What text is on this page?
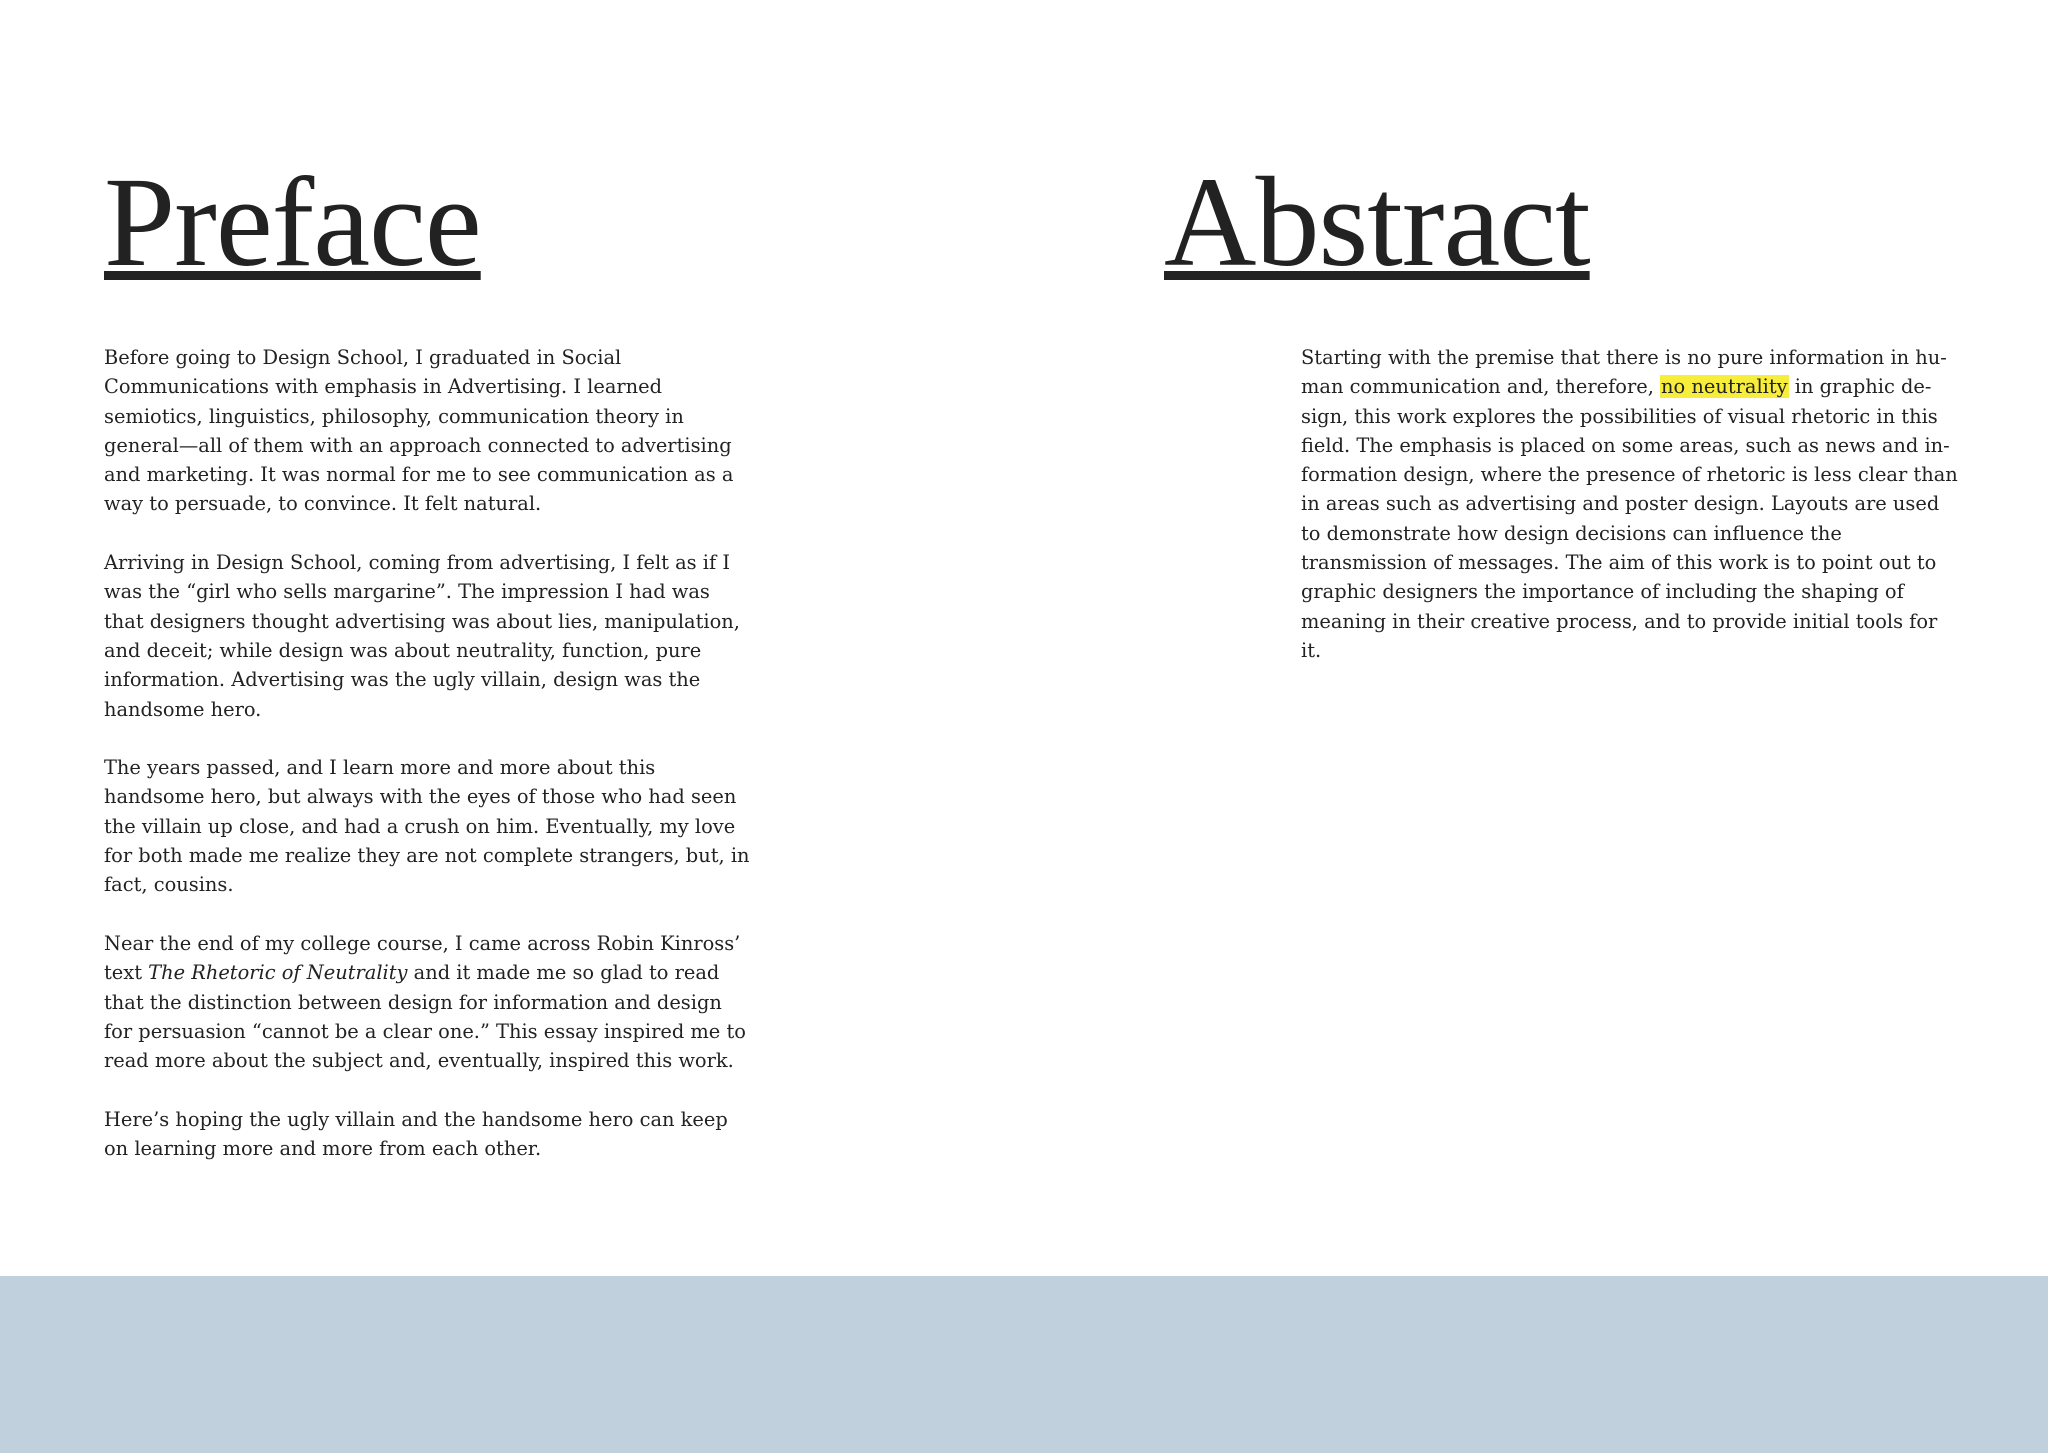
Preface

Before going to Design School, I graduated in Social Communications with emphasis in Advertising. I learned semiotics, linguistics, philosophy, communication theory in general—all of them with an approach connected to advertising and marketing. It was normal for me to see communication as a way to persuade, to convince. It felt natural.

Arriving in Design School, coming from advertising, I felt as if I was the “girl who sells margarine”. The impression I had was that designers thought advertising was about lies, manipulation, and deceit; while design was about neutrality, function, pure information. Advertising was the ugly villain, design was the handsome hero.

The years passed, and I learn more and more about this handsome hero, but always with the eyes of those who had seen the villain up close, and had a crush on him. Eventually, my love for both made me realize they are not complete strangers, but, in fact, cousins.

Near the end of my college course, I came across Robin Kinross’ text The Rhetoric of Neutrality and it made me so glad to read that the distinction between design for information and design for persuasion “cannot be a clear one.” This essay inspired me to read more about the subject and, eventually, inspired this work.

Here’s hoping the ugly villain and the handsome hero can keep on learning more and more from each other.

Abstract

Starting with the premise that there is no pure information in human communication and, therefore, no neutrality in graphic design, this work explores the possibilities of visual rhetoric in this field. The emphasis is placed on some areas, such as news and information design, where the presence of rhetoric is less clear than in areas such as advertising and poster design. Layouts are used to demonstrate how design decisions can influence the transmission of messages. The aim of this work is to point out to graphic designers the importance of including the shaping of meaning in their creative process, and to provide initial tools for it.
